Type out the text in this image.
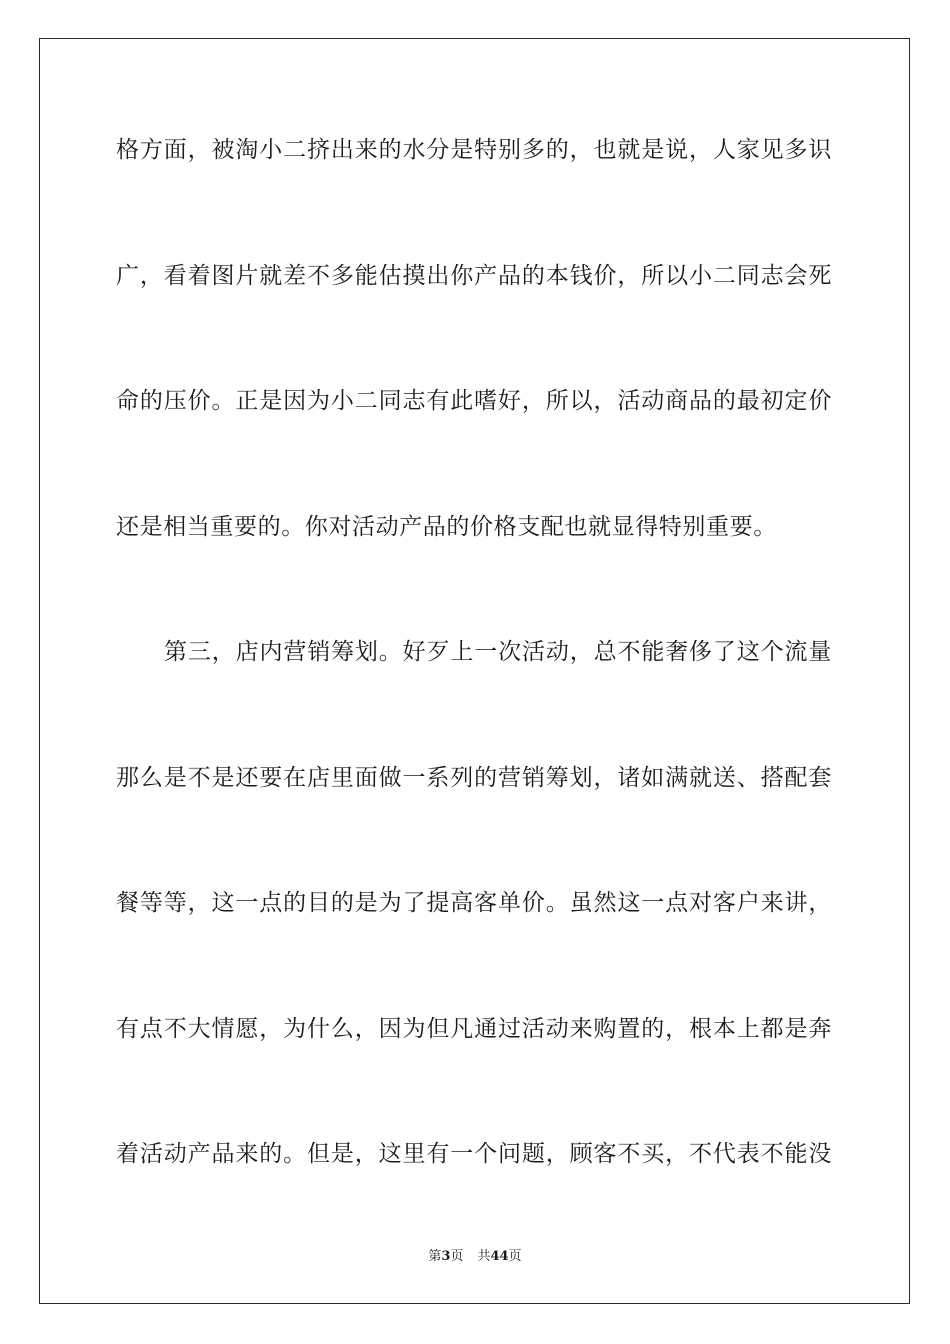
格方面，被淘小二挤出来的水分是特别多的，也就是说，人家见多识
广，看着图片就差不多能估摸出你产品的本钱价，所以小二同志会死
命的压价。正是因为小二同志有此嗜好，所以，活动商品的最初定价
还是相当重要的。你对活动产品的价格支配也就显得特别重要。
第三，店内营销筹划。好歹上一次活动，总不能奢侈了这个流量
那么是不是还要在店里面做一系列的营销筹划，诸如满就送、搭配套
餐等等，这一点的目的是为了提高客单价。虽然这一点对客户来讲，
有点不大情愿，为什么，因为但凡通过活动来购置的，根本上都是奔
着活动产品来的。但是，这里有一个问题，顾客不买，不代表不能没
第3页 共44页
